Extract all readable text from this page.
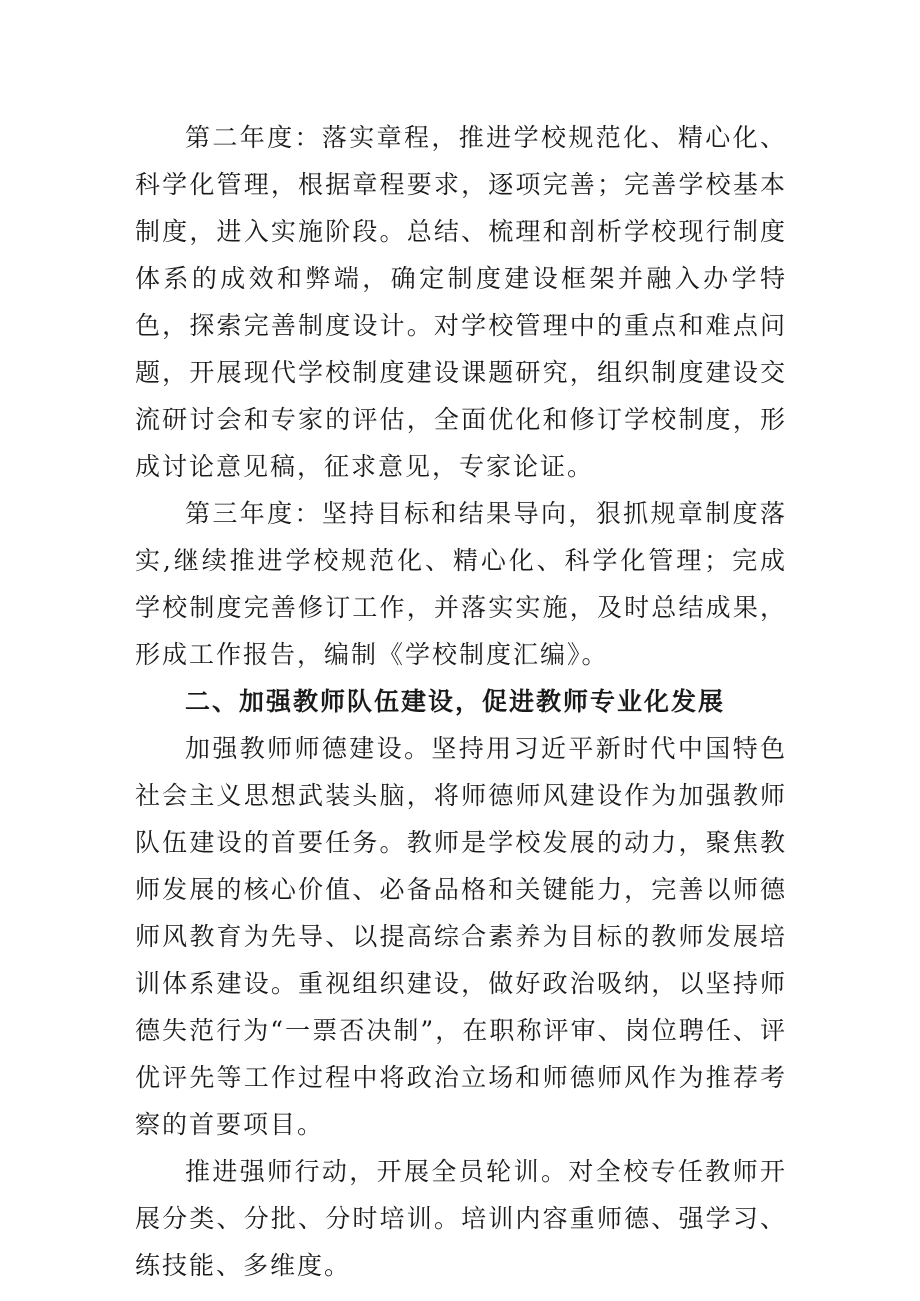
第二年度：落实章程，推进学校规范化、精心化、科学化管理，根据章程要求，逐项完善；完善学校基本制度，进入实施阶段。总结、梳理和剖析学校现行制度体系的成效和弊端，确定制度建设框架并融入办学特色，探索完善制度设计。对学校管理中的重点和难点问题，开展现代学校制度建设课题研究，组织制度建设交流研讨会和专家的评估，全面优化和修订学校制度，形成讨论意见稿，征求意见，专家论证。

第三年度：坚持目标和结果导向，狠抓规章制度落实,继续推进学校规范化、精心化、科学化管理；完成学校制度完善修订工作，并落实实施，及时总结成果，形成工作报告，编制《学校制度汇编》。

二、加强教师队伍建设，促进教师专业化发展

加强教师师德建设。坚持用习近平新时代中国特色社会主义思想武装头脑，将师德师风建设作为加强教师队伍建设的首要任务。教师是学校发展的动力，聚焦教师发展的核心价值、必备品格和关键能力，完善以师德师风教育为先导、以提高综合素养为目标的教师发展培训体系建设。重视组织建设，做好政治吸纳，以坚持师德失范行为“一票否决制”，在职称评审、岗位聘任、评优评先等工作过程中将政治立场和师德师风作为推荐考察的首要项目。

推进强师行动，开展全员轮训。对全校专任教师开展分类、分批、分时培训。培训内容重师德、强学习、练技能、多维度。
